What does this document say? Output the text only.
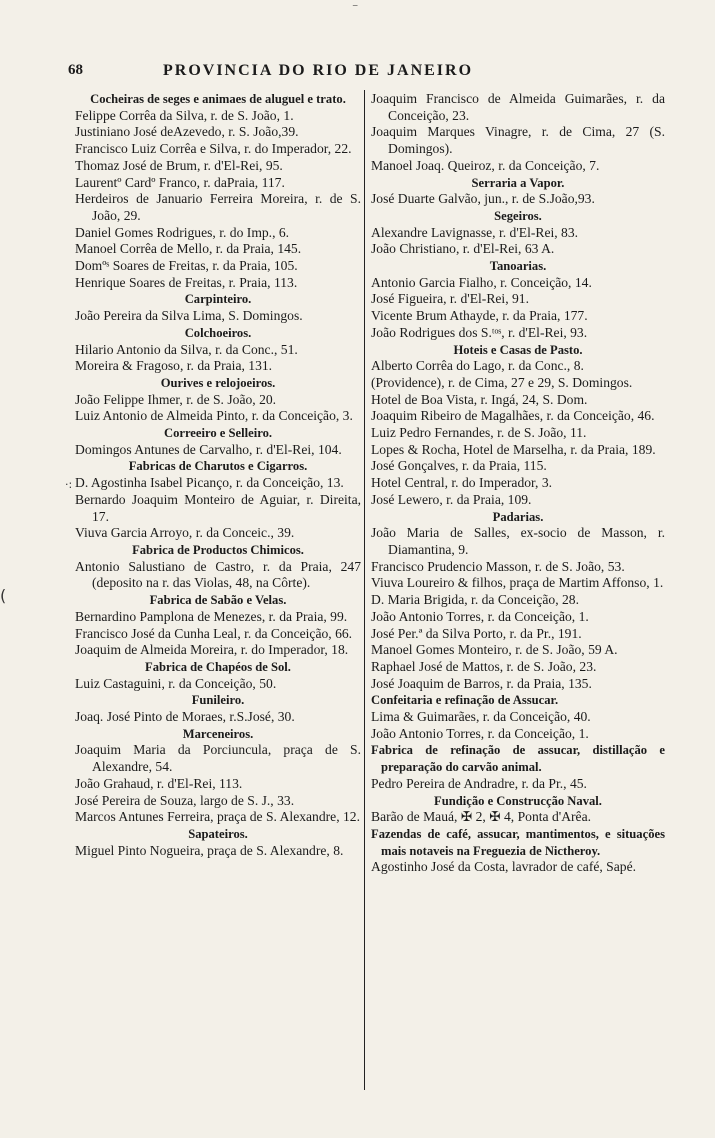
68	PROVINCIA DO RIO DE JANEIRO
⁻
·:
(

Cocheiras de seges e animaes de aluguel e trato.

Felippe Corrêa da Silva, r. de S. João, 1.

Justiniano José deAzevedo, r. S. João,39.

Francisco Luiz Corrêa e Silva, r. do Imperador, 22.

Thomaz José de Brum, r. d'El-Rei, 95.

Laurentº Cardº Franco, r. daPraia, 117.

Herdeiros de Januario Ferreira Moreira, r. de S. João, 29.

Daniel Gomes Rodrigues, r. do Imp., 6.

Manoel Corrêa de Mello, r. da Praia, 145.

Domºˢ Soares de Freitas, r. da Praia, 105.

Henrique Soares de Freitas, r. Praia, 113.

Carpinteiro.

João Pereira da Silva Lima, S. Domingos.

Colchoeiros.

Hilario Antonio da Silva, r. da Conc., 51.

Moreira & Fragoso, r. da Praia, 131.

Ourives e relojoeiros.

João Felippe Ihmer, r. de S. João, 20.

Luiz Antonio de Almeida Pinto, r. da Conceição, 3.

Correeiro e Selleiro.

Domingos Antunes de Carvalho, r. d'El-Rei, 104.

Fabricas de Charutos e Cigarros.

D. Agostinha Isabel Picanço, r. da Conceição, 13.

Bernardo Joaquim Monteiro de Aguiar, r. Direita, 17.

Viuva Garcia Arroyo, r. da Conceic., 39.

Fabrica de Productos Chimicos.

Antonio Salustiano de Castro, r. da Praia, 247 (deposito na r. das Violas, 48, na Côrte).

Fabrica de Sabão e Velas.

Bernardino Pamplona de Menezes, r. da Praia, 99.

Francisco José da Cunha Leal, r. da Conceição, 66.

Joaquim de Almeida Moreira, r. do Imperador, 18.

Fabrica de Chapéos de Sol.

Luiz Castaguini, r. da Conceição, 50.

Funileiro.

Joaq. José Pinto de Moraes, r.S.José, 30.

Marceneiros.

Joaquim Maria da Porciuncula, praça de S. Alexandre, 54.

João Grahaud, r. d'El-Rei, 113.

José Pereira de Souza, largo de S. J., 33.

Marcos Antunes Ferreira, praça de S. Alexandre, 12.

Sapateiros.

Miguel Pinto Nogueira, praça de S. Alexandre, 8.

Joaquim Francisco de Almeida Guimarães, r. da Conceição, 23.

Joaquim Marques Vinagre, r. de Cima, 27 (S. Domingos).

Manoel Joaq. Queiroz, r. da Conceição, 7.

Serraria a Vapor.

José Duarte Galvão, jun., r. de S.João,93.

Segeiros.

Alexandre Lavignasse, r. d'El-Rei, 83.

João Christiano, r. d'El-Rei, 63 A.

Tanoarias.

Antonio Garcia Fialho, r. Conceição, 14.

José Figueira, r. d'El-Rei, 91.

Vicente Brum Athayde, r. da Praia, 177.

João Rodrigues dos S.ᵗᵒˢ, r. d'El-Rei, 93.

Hoteis e Casas de Pasto.

Alberto Corrêa do Lago, r. da Conc., 8.

(Providence), r. de Cima, 27 e 29, S. Domingos.

Hotel de Boa Vista, r. Ingá, 24, S. Dom.

Joaquim Ribeiro de Magalhães, r. da Conceição, 46.

Luiz Pedro Fernandes, r. de S. João, 11.

Lopes & Rocha, Hotel de Marselha, r. da Praia, 189.

José Gonçalves, r. da Praia, 115.

Hotel Central, r. do Imperador, 3.

José Lewero, r. da Praia, 109.

Padarias.

João Maria de Salles, ex-socio de Masson, r. Diamantina, 9.

Francisco Prudencio Masson, r. de S. João, 53.

Viuva Loureiro & filhos, praça de Martim Affonso, 1.

D. Maria Brigida, r. da Conceição, 28.

João Antonio Torres, r. da Conceição, 1.

José Per.ª da Silva Porto, r. da Pr., 191.

Manoel Gomes Monteiro, r. de S. João, 59 A.

Raphael José de Mattos, r. de S. João, 23.

José Joaquim de Barros, r. da Praia, 135.

Confeitaria e refinação de Assucar.

Lima & Guimarães, r. da Conceição, 40.

João Antonio Torres, r. da Conceição, 1.

Fabrica de refinação de assucar, distillação e preparação do carvão animal.

Pedro Pereira de Andradre, r. da Pr., 45.

Fundição e Construcção Naval.

Barão de Mauá, ✠ 2, ✠ 4, Ponta d'Arêa.

Fazendas de café, assucar, mantimentos, e situações mais notaveis na Freguezia de Nictheroy.

Agostinho José da Costa, lavrador de café, Sapé.
